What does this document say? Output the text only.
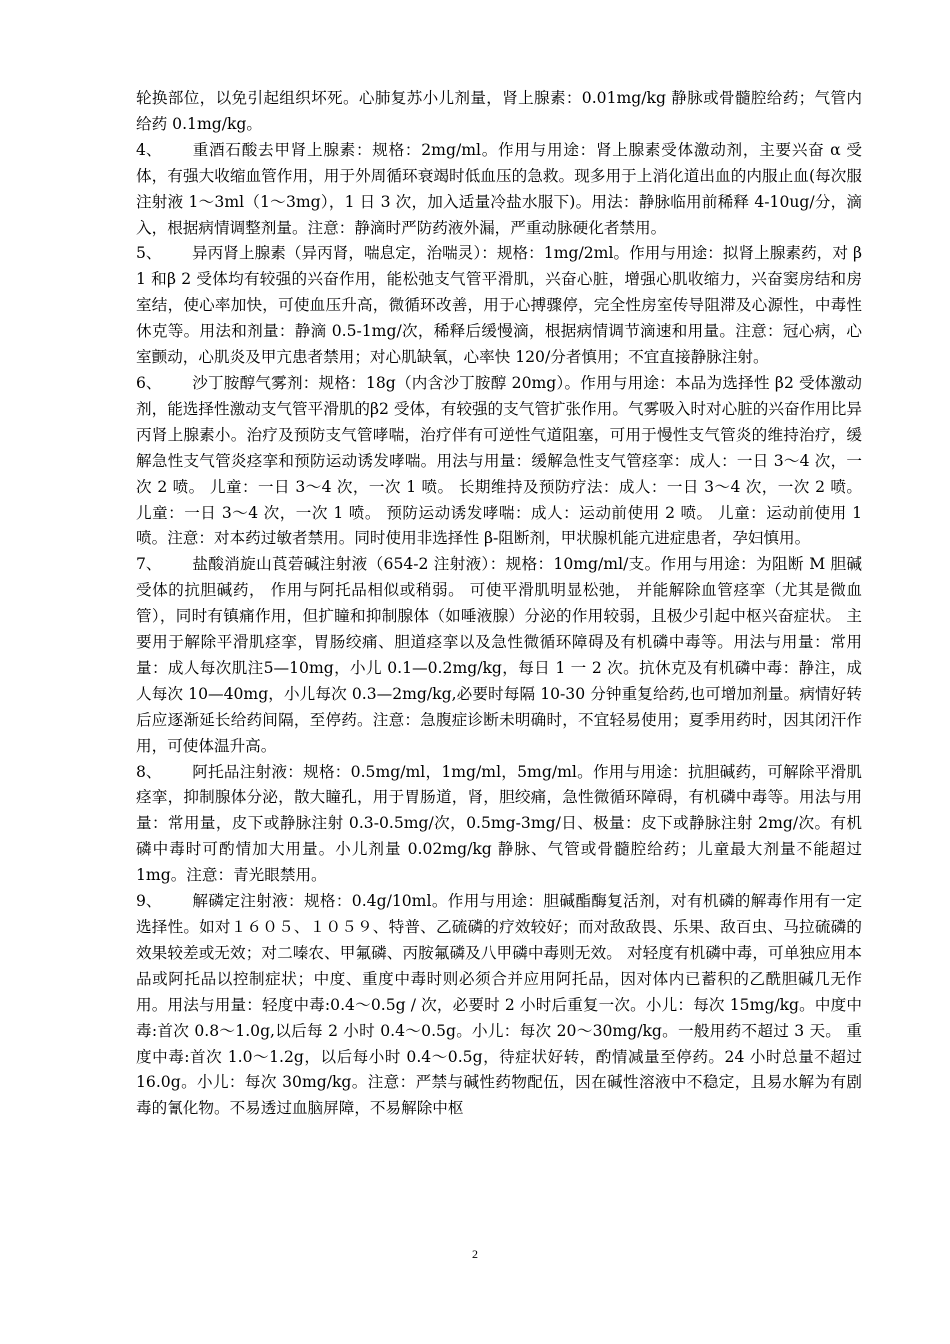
轮换部位，以免引起组织坏死。心肺复苏小儿剂量，肾上腺素：0.01mg/kg 静脉或骨髓腔给药；气管内给药 0.1mg/kg。

4、 重酒石酸去甲肾上腺素：规格：2mg/ml。作用与用途：肾上腺素受体激动剂，主要兴奋 α 受体，有强大收缩血管作用，用于外周循环衰竭时低血压的急救。现多用于上消化道出血的内服止血(每次服注射液 1～3ml（1～3mg），1 日 3 次，加入适量冷盐水服下)。用法：静脉临用前稀释 4-10ug/分，滴入，根据病情调整剂量。注意：静滴时严防药液外漏，严重动脉硬化者禁用。

5、 异丙肾上腺素（异丙肾，喘息定，治喘灵）：规格：1mg/2ml。作用与用途：拟肾上腺素药，对 β 1 和β 2 受体均有较强的兴奋作用，能松弛支气管平滑肌，兴奋心脏，增强心肌收缩力，兴奋窦房结和房室结，使心率加快，可使血压升高，微循环改善，用于心搏骤停，完全性房室传导阻滞及心源性，中毒性休克等。用法和剂量：静滴 0.5-1mg/次，稀释后缓慢滴，根据病情调节滴速和用量。注意：冠心病，心室颤动，心肌炎及甲亢患者禁用；对心肌缺氧，心率快 120/分者慎用；不宜直接静脉注射。

6、 沙丁胺醇气雾剂：规格：18g（内含沙丁胺醇 20mg）。作用与用途：本品为选择性 β2 受体激动剂，能选择性激动支气管平滑肌的β2 受体，有较强的支气管扩张作用。气雾吸入时对心脏的兴奋作用比异丙肾上腺素小。治疗及预防支气管哮喘，治疗伴有可逆性气道阻塞，可用于慢性支气管炎的维持治疗，缓解急性支气管炎痉挛和预防运动诱发哮喘。用法与用量：缓解急性支气管痉挛：成人：一日 3～4 次，一次 2 喷。 儿童：一日 3～4 次，一次 1 喷。 长期维持及预防疗法：成人：一日 3～4 次，一次 2 喷。 儿童：一日 3～4 次，一次 1 喷。 预防运动诱发哮喘：成人：运动前使用 2 喷。 儿童：运动前使用 1 喷。注意：对本药过敏者禁用。同时使用非选择性 β-阻断剂，甲状腺机能亢进症患者，孕妇慎用。

7、 盐酸消旋山莨菪碱注射液（654-2 注射液）：规格：10mg/ml/支。作用与用途：为阻断 M 胆碱受体的抗胆碱药， 作用与阿托品相似或稍弱。 可使平滑肌明显松弛， 并能解除血管痉挛（尤其是微血管），同时有镇痛作用，但扩瞳和抑制腺体（如唾液腺）分泌的作用较弱，且极少引起中枢兴奋症状。 主要用于解除平滑肌痉挛，胃肠绞痛、胆道痉挛以及急性微循环障碍及有机磷中毒等。用法与用量：常用量：成人每次肌注5—10mg，小儿 0.1—0.2mg/kg，每日 1 一 2 次。抗休克及有机磷中毒：静注，成人每次 10—40mg，小儿每次 0.3—2mg/kg,必要时每隔 10-30 分钟重复给药,也可增加剂量。病情好转后应逐渐延长给药间隔，至停药。注意：急腹症诊断未明确时，不宜轻易使用；夏季用药时，因其闭汗作用，可使体温升高。

8、 阿托品注射液：规格：0.5mg/ml，1mg/ml，5mg/ml。作用与用途：抗胆碱药，可解除平滑肌痉挛，抑制腺体分泌，散大瞳孔，用于胃肠道，肾，胆绞痛，急性微循环障碍，有机磷中毒等。用法与用量：常用量，皮下或静脉注射 0.3-0.5mg/次，0.5mg-3mg/日、极量：皮下或静脉注射 2mg/次。有机磷中毒时可酌情加大用量。小儿剂量 0.02mg/kg 静脉、气管或骨髓腔给药；儿童最大剂量不能超过 1mg。注意：青光眼禁用。

9、 解磷定注射液：规格：0.4g/10ml。作用与用途：胆碱酯酶复活剂，对有机磷的解毒作用有一定选择性。如对１６０５、１０５９、特普、乙硫磷的疗效较好；而对敌敌畏、乐果、敌百虫、马拉硫磷的效果较差或无效；对二嗪农、甲氟磷、丙胺氟磷及八甲磷中毒则无效。 对轻度有机磷中毒，可单独应用本品或阿托品以控制症状；中度、重度中毒时则必须合并应用阿托品，因对体内已蓄积的乙酰胆碱几无作用。用法与用量：轻度中毒:0.4～0.5g / 次，必要时 2 小时后重复一次。小儿：每次 15mg/kg。中度中毒:首次 0.8～1.0g,以后每 2 小时 0.4～0.5g。小儿：每次 20～30mg/kg。一般用药不超过 3 天。 重度中毒:首次 1.0～1.2g，以后每小时 0.4～0.5g，待症状好转，酌情减量至停药。24 小时总量不超过 16.0g。小儿：每次 30mg/kg。注意：严禁与碱性药物配伍，因在碱性溶液中不稳定，且易水解为有剧毒的氰化物。不易透过血脑屏障，不易解除中枢

2
